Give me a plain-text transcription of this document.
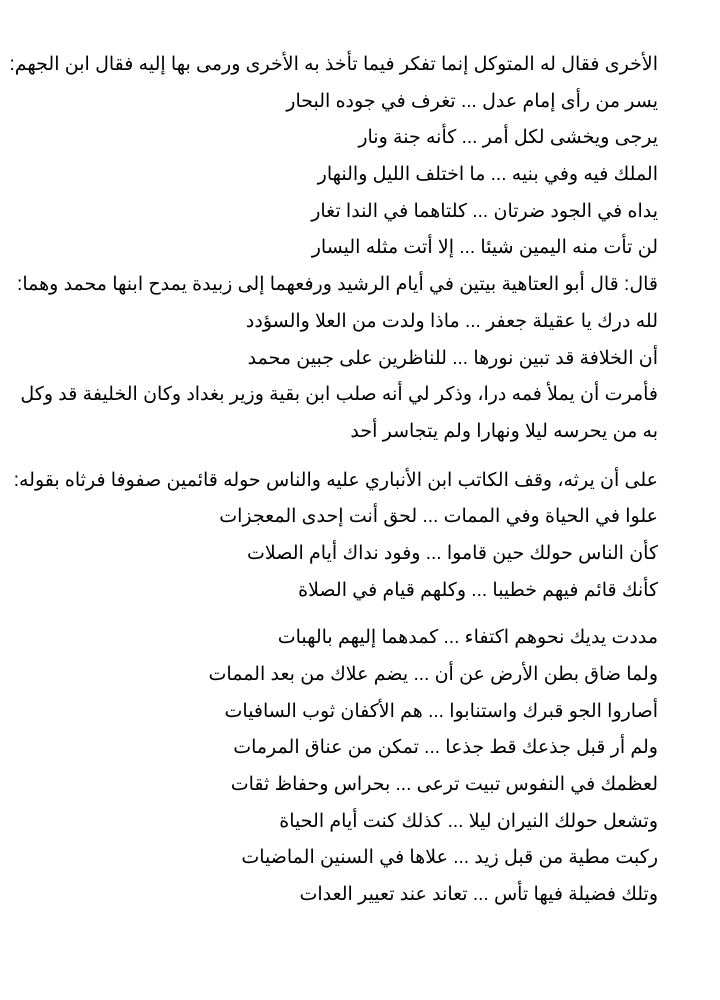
الأخرى فقال له المتوكل إنما تفكر فيما تأخذ به الأخرى ورمى بها إليه فقال ابن الجهم:

يسر من رأى إمام عدل ... تغرف في جوده البحار

يرجى ويخشى لكل أمر ... كأنه جنة ونار

الملك فيه وفي بنيه ... ما اختلف الليل والنهار

يداه في الجود ضرتان ... كلتاهما في الندا تغار

لن تأت منه اليمين شيئا ... إلا أتت مثله اليسار

قال: قال أبو العتاهية بيتين في أيام الرشيد ورفعهما إلى زبيدة يمدح ابنها محمد وهما:

لله درك يا عقيلة جعفر ... ماذا ولدت من العلا والسؤدد

أن الخلافة قد تبين نورها ... للناظرين على جبين محمد

فأمرت أن يملأ فمه درا، وذكر لي أنه صلب ابن بقية وزير بغداد وكان الخليفة قد وكل

به من يحرسه ليلا ونهارا ولم يتجاسر أحد

على أن يرثه، وقف الكاتب ابن الأنباري عليه والناس حوله قائمين صفوفا فرثاه بقوله:

علوا في الحياة وفي الممات ... لحق أنت إحدى المعجزات

كأن الناس حولك حين قاموا ... وفود نداك أيام الصلات

كأنك قائم فيهم خطيبا ... وكلهم قيام في الصلاة

مددت يديك نحوهم اكتفاء ... كمدهما إليهم بالهبات

ولما ضاق بطن الأرض عن أن ... يضم علاك من بعد الممات

أصاروا الجو قبرك واستنابوا ... هم الأكفان ثوب السافيات

ولم أر قبل جذعك قط جذعا ... تمكن من عناق المرمات

لعظمك في النفوس تبيت ترعى ... بحراس وحفاظ ثقات

وتشعل حولك النيران ليلا ... كذلك كنت أيام الحياة

ركبت مطية من قبل زيد ... علاها في السنين الماضيات

وتلك فضيلة فيها تأس ... تعاند عند تعيير العدات
